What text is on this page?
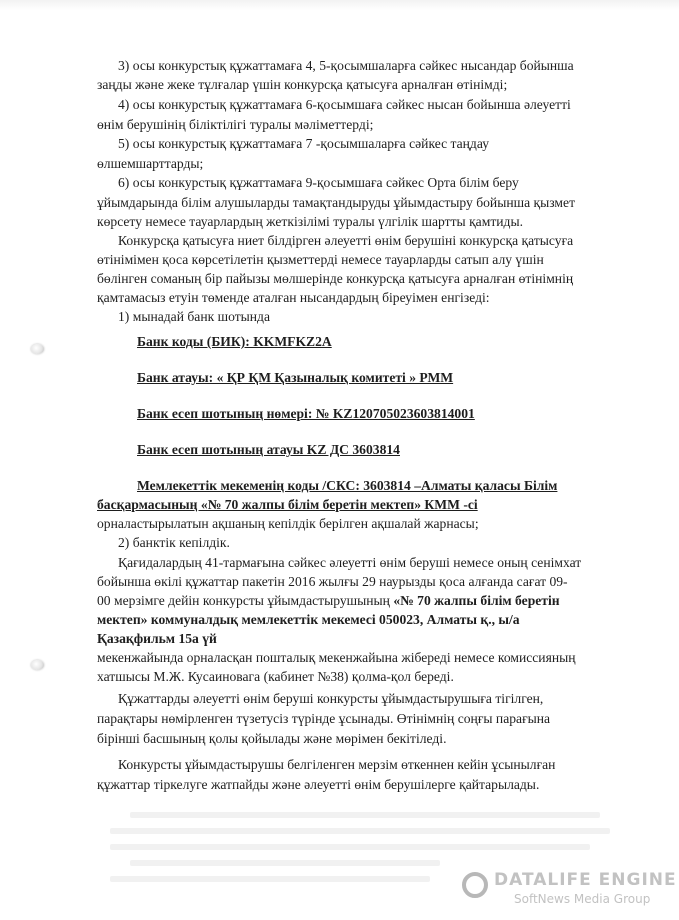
3) осы конкурстық құжаттамаға 4, 5-қосымшаларға сәйкес нысандар бойынша
заңды және жеке тұлғалар үшін конкурсқа қатысуға арналған өтінімді;
4) осы конкурстық құжаттамаға 6-қосымшаға сәйкес нысан бойынша әлеуетті
өнім берушінің біліктілігі туралы мәліметтерді;
5) осы конкурстық құжаттамаға 7 -қосымшаларға сәйкес таңдау
өлшемшарттарды;
6) осы конкурстық құжаттамаға 9-қосымшаға сәйкес Орта білім беру
ұйымдарында білім алушыларды тамақтандыруды ұйымдастыру бойынша қызмет
көрсету немесе тауарлардың жеткізілімі туралы үлгілік шартты қамтиды.
Конкурсқа қатысуға ниет білдірген әлеуетті өнім берушіні конкурсқа қатысуға
өтінімімен қоса көрсетілетін қызметтерді немесе тауарларды сатып алу үшін
бөлінген соманың бір пайызы мөлшерінде конкурсқа қатысуға арналған өтінімнің
қамтамасыз етуін төменде аталған нысандардың біреуімен енгізеді:
1) мынадай банк шотында
Банк коды (БИК): KKMFKZ2A
Банк атауы: « ҚР ҚМ Қазыналық комитеті » РММ
Банк есеп шотының нөмері: № KZ120705023603814001
Банк есеп шотының атауы KZ ДС 3603814
Мемлекеттік мекеменің коды /СКС: 3603814 –Алматы қаласы Білім
басқармасының «№ 70 жалпы білім беретін мектеп» КММ -сі
орналастырылатын ақшаның кепілдік берілген ақшалай жарнасы;
2) банктік кепілдік.
Қағидалардың 41-тармағына сәйкес әлеуетті өнім беруші немесе оның сенімхат
бойынша өкілі құжаттар пакетін 2016 жылғы 29 наурызды қоса алғанда сағат 09-
00 мерзімге дейін конкурсты ұйымдастырушының «№ 70 жалпы білім беретін
мектеп» коммуналдық мемлекеттік мекемесі 050023, Алматы қ., ы/а
Қазақфильм 15а үй
мекенжайында орналасқан пошталық мекенжайына жібереді немесе комиссияның
хатшысы М.Ж. Кусаиновага (кабинет №38) қолма-қол береді.
Құжаттарды әлеуетті өнім беруші конкурсты ұйымдастырушыға тігілген,
парақтары нөмірленген түзетусіз түрінде ұсынады. Өтінімнің соңғы парағына
бірінші басшының қолы қойылады және мөрімен бекітіледі.
Конкурсты ұйымдастырушы белгіленген мерзім өткеннен кейін ұсынылған
құжаттар тіркелуге жатпайды және әлеуетті өнім берушілерге қайтарылады.
DATALIFE ENGINE
SoftNews Media Group
